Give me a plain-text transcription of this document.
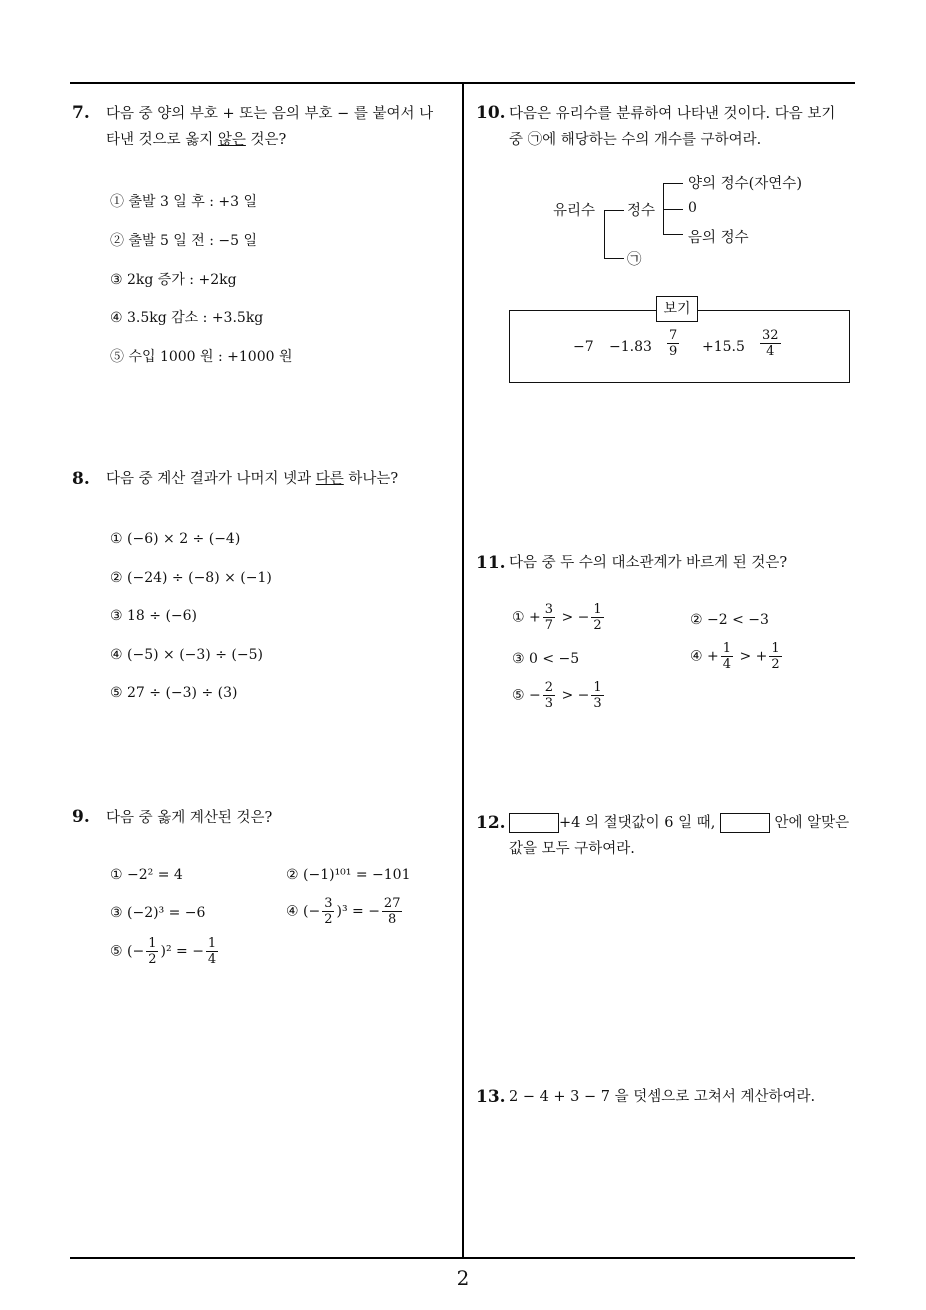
7. 다음 중 양의 부호 + 또는 음의 부호 − 를 붙여서 나
타낸 것으로 옳지 않은 것은?
① 출발 3 일 후 : +3 일
② 출발 5 일 전 : −5 일
③ 2kg 증가 : +2kg
④ 3.5kg 감소 : +3.5kg
⑤ 수입 1000 원 : +1000 원
8. 다음 중 계산 결과가 나머지 넷과 다른 하나는?
① (−6) × 2 ÷ (−4)
② (−24) ÷ (−8) × (−1)
③ 18 ÷ (−6)
④ (−5) × (−3) ÷ (−5)
⑤ 27 ÷ (−3) ÷ (3)
9. 다음 중 옳게 계산된 것은?
① −2² = 4	② (−1)¹⁰¹ = −101
③ (−2)³ = −6	④ (− $\frac{3}{2} )^3$ = − $\frac{27}{8}$
⑤ (− $\frac{1}{2} )^2$ = − $\frac{1}{4}$
10. 다음은 유리수를 분류하여 나타낸 것이다. 다음 보기
중 ㉠에 해당하는 수의 개수를 구하여라.
유리수 정수
양의 정수(자연수)
0
음의 정수
㉠
보기
$-7 -1.83 \frac{7}{9} +15.5 \frac{32}{4}$
11. 다음 중 두 수의 대소관계가 바르게 된 것은?
① + $\frac{3}{7}$ > − $\frac{1}{2}$	② −2 < −3
③ 0 < −5	④ + $\frac{1}{4}$ > + $\frac{1}{2}$
⑤ − $\frac{2}{3}$ > − $\frac{1}{3}$
12.	+4 의 절댓값이 6 일 때,	안에 알맞은
값을 모두 구하여라.
13. 2 − 4 + 3 − 7 을 덧셈으로 고쳐서 계산하여라.
2
